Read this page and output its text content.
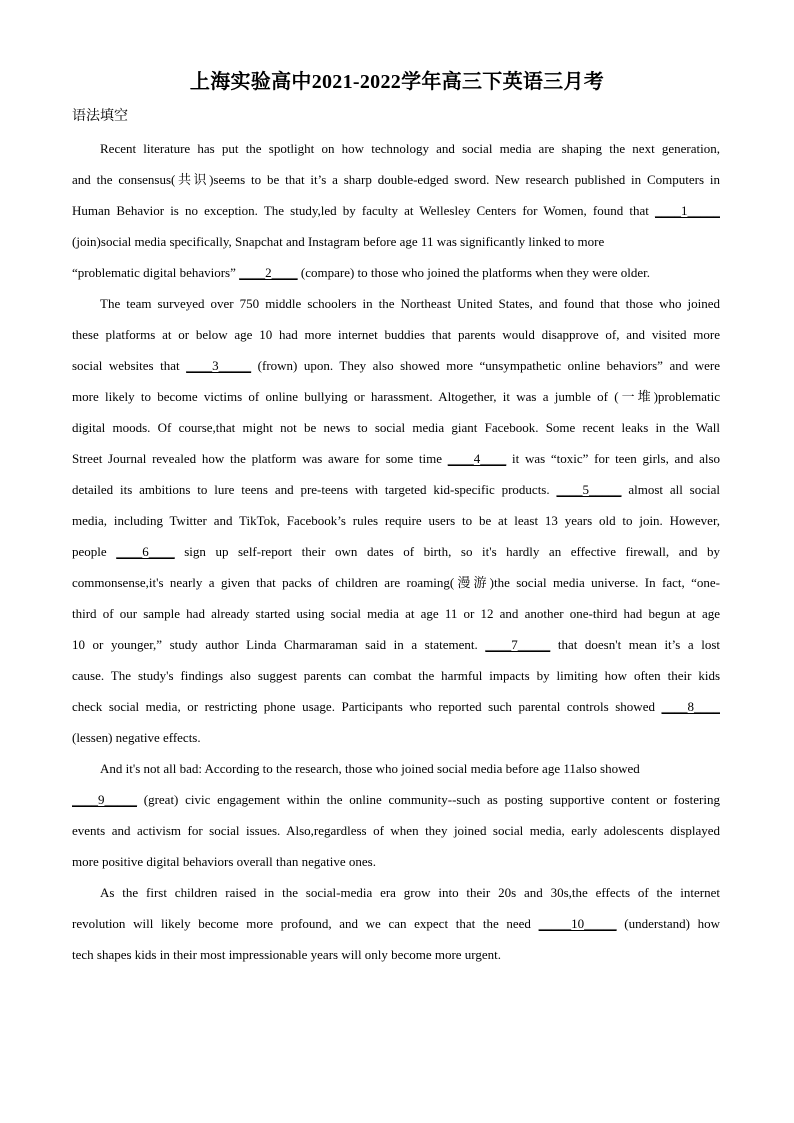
上海实验高中2021-2022学年高三下英语三月考
语法填空
Recent literature has put the spotlight on how technology and social media are shaping the next generation,
and the consensus(共识)seems to be that it’s a sharp double-edged sword. New research published in Computers in
Human Behavior is no exception. The study,led by faculty at Wellesley Centers for Women, found that ____1_____
(join)social media specifically, Snapchat and Instagram before age 11 was significantly linked to more
“problematic digital behaviors” ____2____ (compare) to those who joined the platforms when they were older.
The team surveyed over 750 middle schoolers in the Northeast United States, and found that those who joined
these platforms at or below age 10 had more internet buddies that parents would disapprove of, and visited more
social websites that ____3_____ (frown) upon. They also showed more “unsympathetic online behaviors” and were
more likely to become victims of online bullying or harassment. Altogether, it was a jumble of (一堆)problematic
digital moods. Of course,that might not be news to social media giant Facebook. Some recent leaks in the Wall
Street Journal revealed how the platform was aware for some time ____4____ it was “toxic” for teen girls, and also
detailed its ambitions to lure teens and pre-teens with targeted kid-specific products. ____5_____ almost all social
media, including Twitter and TikTok, Facebook’s rules require users to be at least 13 years old to join. However,
people ____6____ sign up self-report their own dates of birth, so it's hardly an effective firewall, and by
commonsense,it's nearly a given that packs of children are roaming(漫游)the social media universe. In fact, “one-
third of our sample had already started using social media at age 11 or 12 and another one-third had begun at age
10 or younger,” study author Linda Charmaraman said in a statement. ____7_____ that doesn't mean it’s a lost
cause. The study's findings also suggest parents can combat the harmful impacts by limiting how often their kids
check social media, or restricting phone usage. Participants who reported such parental controls showed ____8____
(lessen) negative effects.
And it's not all bad: According to the research, those who joined social media before age 11also showed
____9_____ (great) civic engagement within the online community--such as posting supportive content or fostering
events and activism for social issues. Also,regardless of when they joined social media, early adolescents displayed
more positive digital behaviors overall than negative ones.
As the first children raised in the social-media era grow into their 20s and 30s,the effects of the internet
revolution will likely become more profound, and we can expect that the need _____10_____ (understand) how
tech shapes kids in their most impressionable years will only become more urgent.
